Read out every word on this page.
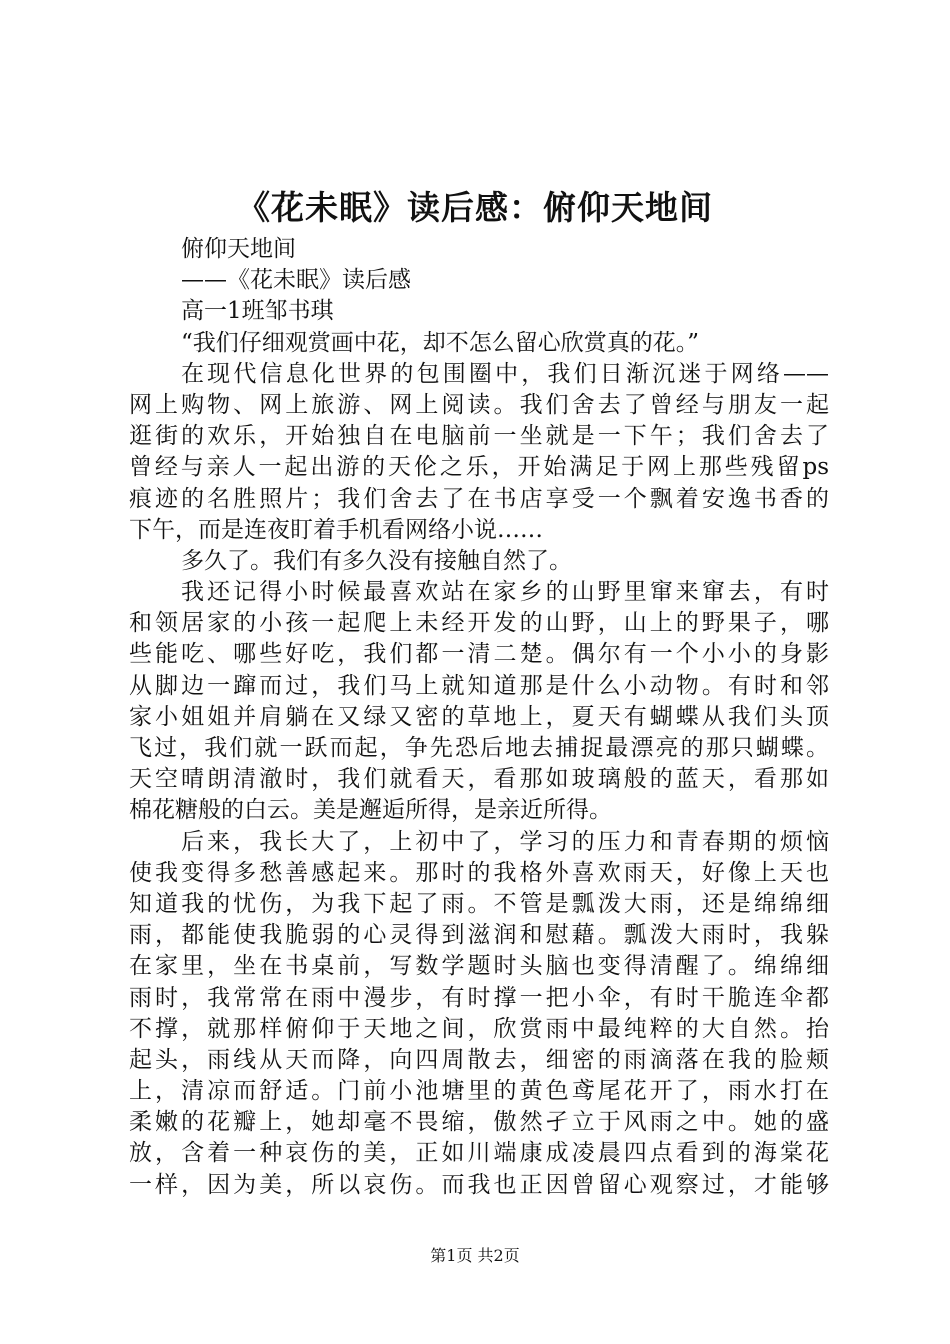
《花未眠》读后感：俯仰天地间
俯仰天地间
——《花未眠》读后感
高一1班邹书琪
“我们仔细观赏画中花，却不怎么留心欣赏真的花。”
在现代信息化世界的包围圈中，我们日渐沉迷于网络——
网上购物、网上旅游、网上阅读。我们舍去了曾经与朋友一起
逛街的欢乐，开始独自在电脑前一坐就是一下午；我们舍去了
曾经与亲人一起出游的天伦之乐，开始满足于网上那些残留ps
痕迹的名胜照片；我们舍去了在书店享受一个飘着安逸书香的
下午，而是连夜盯着手机看网络小说……
多久了。我们有多久没有接触自然了。
我还记得小时候最喜欢站在家乡的山野里窜来窜去，有时
和领居家的小孩一起爬上未经开发的山野，山上的野果子，哪
些能吃、哪些好吃，我们都一清二楚。偶尔有一个小小的身影
从脚边一蹿而过，我们马上就知道那是什么小动物。有时和邻
家小姐姐并肩躺在又绿又密的草地上，夏天有蝴蝶从我们头顶
飞过，我们就一跃而起，争先恐后地去捕捉最漂亮的那只蝴蝶。
天空晴朗清澈时，我们就看天，看那如玻璃般的蓝天，看那如
棉花糖般的白云。美是邂逅所得，是亲近所得。
后来，我长大了，上初中了，学习的压力和青春期的烦恼
使我变得多愁善感起来。那时的我格外喜欢雨天，好像上天也
知道我的忧伤，为我下起了雨。不管是瓢泼大雨，还是绵绵细
雨，都能使我脆弱的心灵得到滋润和慰藉。瓢泼大雨时，我躲
在家里，坐在书桌前，写数学题时头脑也变得清醒了。绵绵细
雨时，我常常在雨中漫步，有时撑一把小伞，有时干脆连伞都
不撑，就那样俯仰于天地之间，欣赏雨中最纯粹的大自然。抬
起头，雨线从天而降，向四周散去，细密的雨滴落在我的脸颊
上，清凉而舒适。门前小池塘里的黄色鸢尾花开了，雨水打在
柔嫩的花瓣上，她却毫不畏缩，傲然孑立于风雨之中。她的盛
放，含着一种哀伤的美，正如川端康成凌晨四点看到的海棠花
一样，因为美，所以哀伤。而我也正因曾留心观察过，才能够
第1页 共2页
